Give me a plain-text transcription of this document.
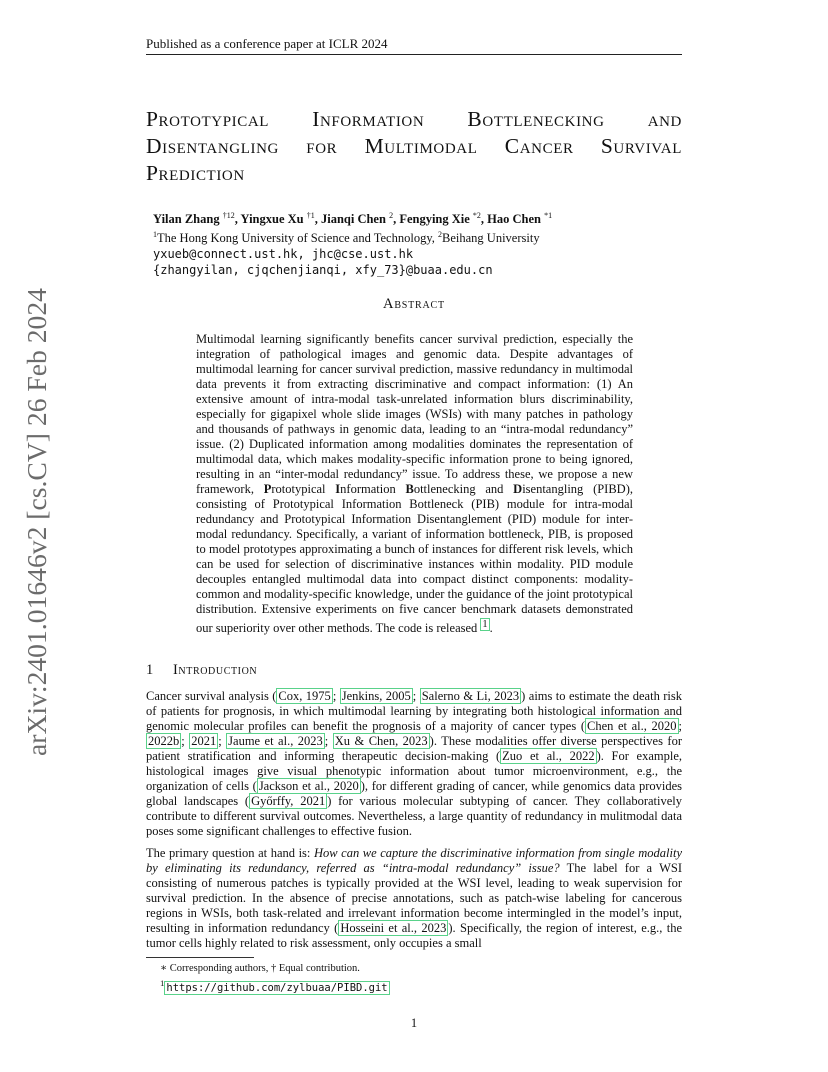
arXiv:2401.01646v2 [cs.CV] 26 Feb 2024
Published as a conference paper at ICLR 2024
Prototypical Information Bottlenecking and Disentangling for Multimodal Cancer Survival Prediction
Yilan Zhang $^{\dagger 12}$, Yingxue Xu $^{\dagger 1}$, Jianqi Chen $^2$, Fengying Xie $^{*2}$, Hao Chen $^{*1}$
$^1$The Hong Kong University of Science and Technology, $^2$Beihang University
yxueb@connect.ust.hk, jhc@cse.ust.hk
{zhangyilan, cjqchenjianqi, xfy_73}@buaa.edu.cn
Abstract
Multimodal learning significantly benefits cancer survival prediction, especially the integration of pathological images and genomic data. Despite advantages of multimodal learning for cancer survival prediction, massive redundancy in multimodal data prevents it from extracting discriminative and compact information: (1) An extensive amount of intra-modal task-unrelated information blurs discriminability, especially for gigapixel whole slide images (WSIs) with many patches in pathology and thousands of pathways in genomic data, leading to an “intra-modal redundancy” issue. (2) Duplicated information among modalities dominates the representation of multimodal data, which makes modality-specific information prone to being ignored, resulting in an “inter-modal redundancy” issue. To address these, we propose a new framework, Prototypical Information Bottlenecking and Disentangling (PIBD), consisting of Prototypical Information Bottleneck (PIB) module for intra-modal redundancy and Prototypical Information Disentanglement (PID) module for inter-modal redundancy. Specifically, a variant of information bottleneck, PIB, is proposed to model prototypes approximating a bunch of instances for different risk levels, which can be used for selection of discriminative instances within modality. PID module decouples entangled multimodal data into compact distinct components: modality-common and modality-specific knowledge, under the guidance of the joint prototypical distribution. Extensive experiments on five cancer benchmark datasets demonstrated our superiority over other methods. The code is released $^1$ .
1 Introduction
Cancer survival analysis ( Cox, 1975 ; Jenkins, 2005 ; Salerno & Li, 2023 ) aims to estimate the death risk of patients for prognosis, in which multimodal learning by integrating both histological information and genomic molecular profiles can benefit the prognosis of a majority of cancer types ( Chen et al., 2020 ; 2022b ; 2021 ; Jaume et al., 2023 ; Xu & Chen, 2023 ). These modalities offer diverse perspectives for patient stratification and informing therapeutic decision-making ( Zuo et al., 2022 ). For example, histological images give visual phenotypic information about tumor microenvironment, e.g., the organization of cells ( Jackson et al., 2020 ), for different grading of cancer, while genomics data provides global landscapes ( Győrffy, 2021 ) for various molecular subtyping of cancer. They collaboratively contribute to different survival outcomes. Nevertheless, a large quantity of redundancy in mulitmodal data poses some significant challenges to effective fusion.
The primary question at hand is: How can we capture the discriminative information from single modality by eliminating its redundancy, referred as “intra-modal redundancy” issue? The label for a WSI consisting of numerous patches is typically provided at the WSI level, leading to weak supervision for survival prediction. In the absence of precise annotations, such as patch-wise labeling for cancerous regions in WSIs, both task-related and irrelevant information become intermingled in the model’s input, resulting in information redundancy ( Hosseini et al., 2023 ). Specifically, the region of interest, e.g., the tumor cells highly related to risk assessment, only occupies a small
∗ Corresponding authors, † Equal contribution.
$^1$ https://github.com/zylbuaa/PIBD.git
1
